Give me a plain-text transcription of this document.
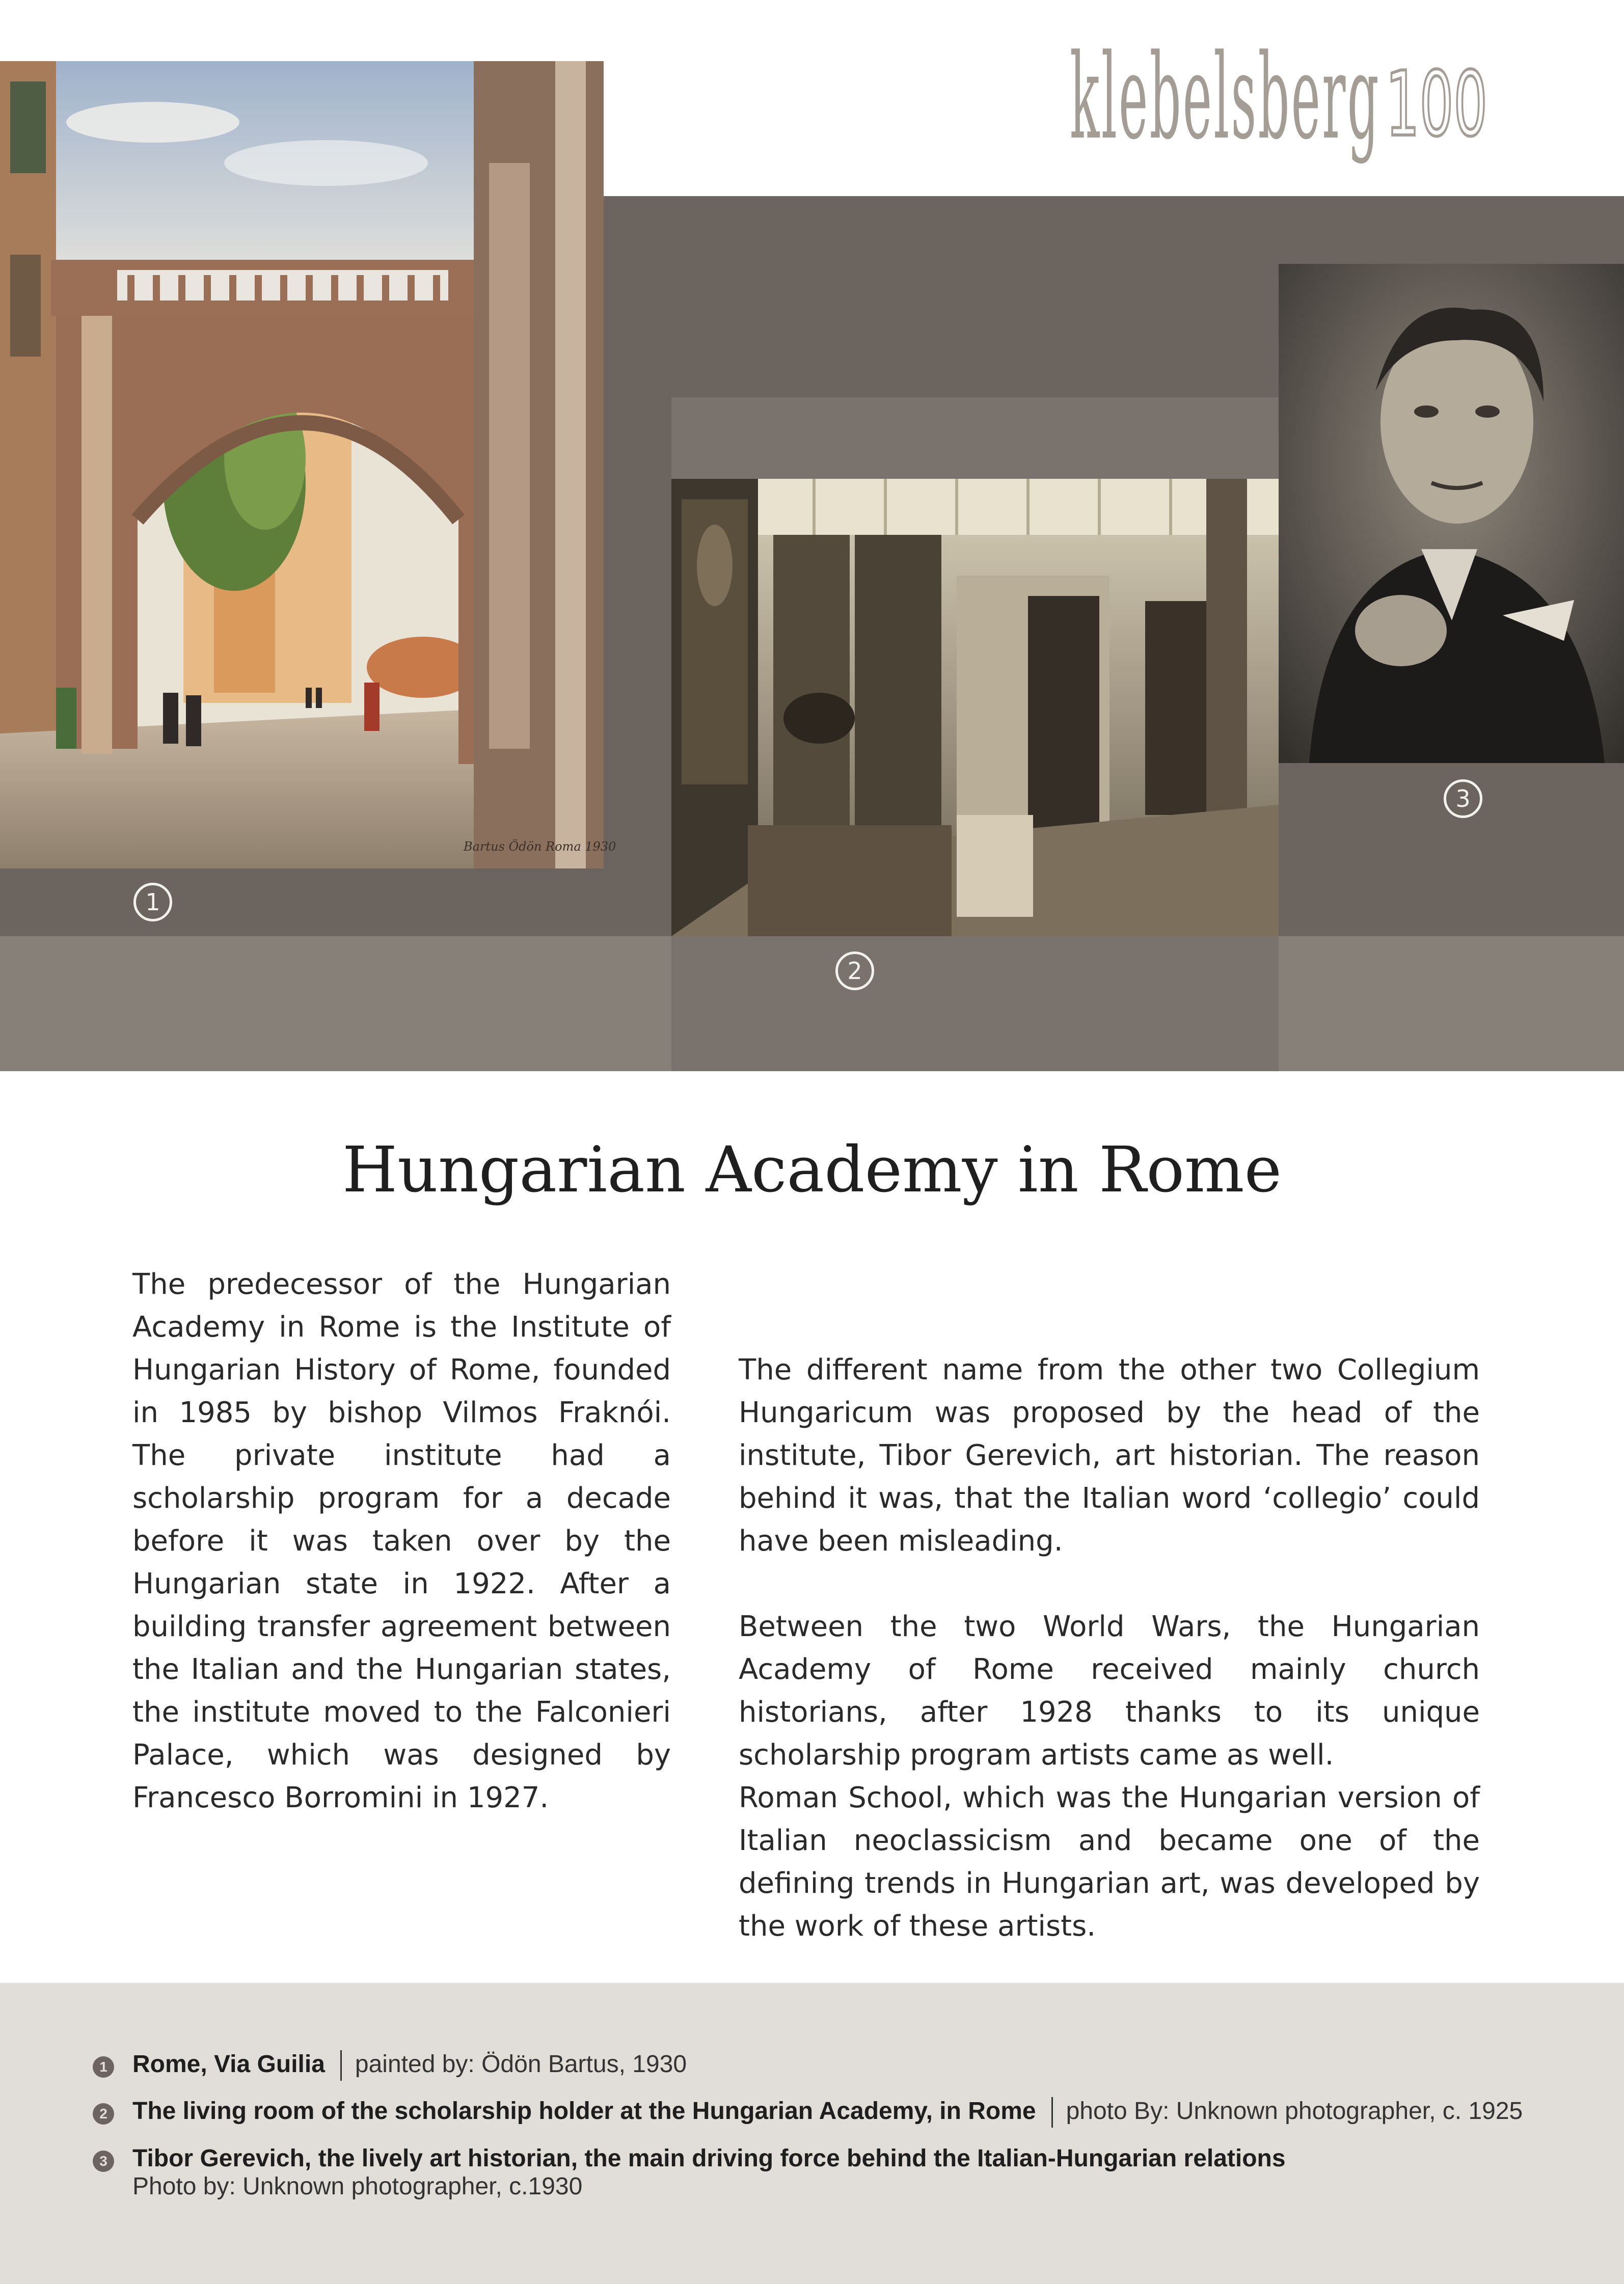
klebelsberg 100
Bartus Ödön Roma 1930
1
2
3
Hungarian Academy in Rome

The predecessor of the Hungarian Academy in Rome is the Institute of Hungarian History of Rome, founded in 1985 by bishop Vilmos Fraknói. The private institute had a scholarship program for a decade before it was taken over by the Hungarian state in 1922. After a building transfer agreement between the Italian and the Hungarian states, the institute moved to the Falconieri Palace, which was designed by Francesco Borromini in 1927.

The different name from the other two Collegium Hungaricum was proposed by the head of the institute, Tibor Gerevich, art historian. The reason behind it was, that the Italian word ‘collegio’ could have been misleading.

Between the two World Wars, the Hungarian Academy of Rome received mainly church historians, after 1928 thanks to its unique scholarship program artists came as well.

Roman School, which was the Hungarian version of Italian neoclassicism and became one of the defining trends in Hungarian art, was developed by the work of these artists.

1 Rome, Via Guilia painted by: Ödön Bartus, 1930
2 The living room of the scholarship holder at the Hungarian Academy, in Rome photo By: Unknown photographer, c. 1925
3 Tibor Gerevich, the lively art historian, the main driving force behind the Italian-Hungarian relations
Photo by: Unknown photographer, c.1930
